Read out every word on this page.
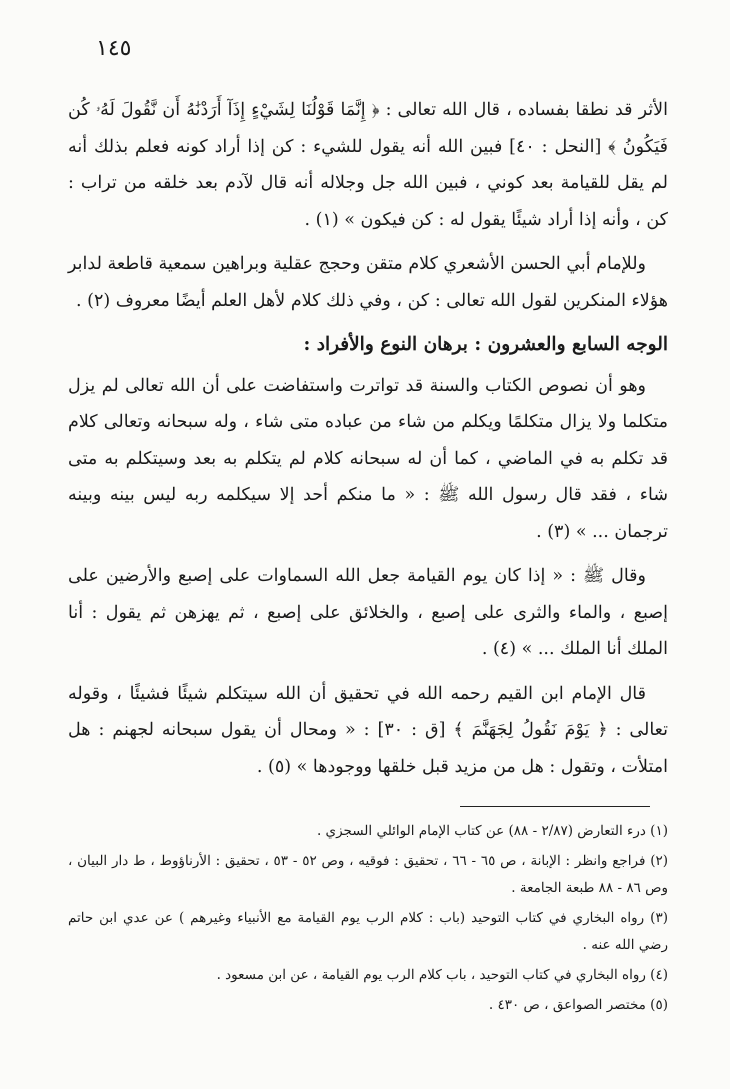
١٤٥

الأثر قد نطقا بفساده ، قال الله تعالى : ﴿ إِنَّمَا قَوْلُنَا لِشَيْءٍ إِذَآ أَرَدْنَٰهُ أَن نَّقُولَ لَهُۥ كُن فَيَكُونُ ﴾ [النحل : ٤٠] فبين الله أنه يقول للشيء : كن إذا أراد كونه فعلم بذلك أنه لم يقل للقيامة بعد كوني ، فبين الله جل وجلاله أنه قال لآدم بعد خلقه من تراب : كن ، وأنه إذا أراد شيئًا يقول له : كن فيكون » (١) .

وللإمام أبي الحسن الأشعري كلام متقن وحجج عقلية وبراهين سمعية قاطعة لدابر هؤلاء المنكرين لقول الله تعالى : كن ، وفي ذلك كلام لأهل العلم أيضًا معروف (٢) .

الوجه السابع والعشرون : برهان النوع والأفراد :

وهو أن نصوص الكتاب والسنة قد تواترت واستفاضت على أن الله تعالى لم يزل متكلما ولا يزال متكلمًا ويكلم من شاء من عباده متى شاء ، وله سبحانه وتعالى كلام قد تكلم به في الماضي ، كما أن له سبحانه كلام لم يتكلم به بعد وسيتكلم به متى شاء ، فقد قال رسول الله ﷺ : « ما منكم أحد إلا سيكلمه ربه ليس بينه وبينه ترجمان ... » (٣) .

وقال ﷺ : « إذا كان يوم القيامة جعل الله السماوات على إصبع والأرضين على إصبع ، والماء والثرى على إصبع ، والخلائق على إصبع ، ثم يهزهن ثم يقول : أنا الملك أنا الملك ... » (٤) .

قال الإمام ابن القيم رحمه الله في تحقيق أن الله سيتكلم شيئًا فشيئًا ، وقوله تعالى : ﴿ يَوْمَ نَقُولُ لِجَهَنَّمَ ﴾ [ق : ٣٠] : « ومحال أن يقول سبحانه لجهنم : هل امتلأت ، وتقول : هل من مزيد قبل خلقها ووجودها » (٥) .

(١) درء التعارض (٢/٨٧ - ٨٨) عن كتاب الإمام الوائلي السجزي .

(٢) فراجع وانظر : الإبانة ، ص ٦٥ - ٦٦ ، تحقيق : فوقيه ، وص ٥٢ - ٥٣ ، تحقيق : الأرناؤوط ، ط دار البيان ، وص ٨٦ - ٨٨ طبعة الجامعة .

(٣) رواه البخاري في كتاب التوحيد (باب : كلام الرب يوم القيامة مع الأنبياء وغيرهم ) عن عدي ابن حاتم رضي الله عنه .

(٤) رواه البخاري في كتاب التوحيد ، باب كلام الرب يوم القيامة ، عن ابن مسعود .

(٥) مختصر الصواعق ، ص ٤٣٠ .
